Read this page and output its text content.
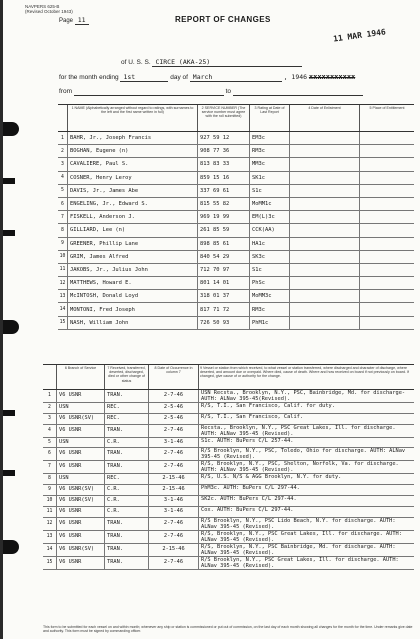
NAVPERS 625-B
(Revised October 1943)
Page 11	REPORT OF CHANGES
11 MAR 1946
of U. S. S. CIRCE (AKA-25)
for the month ending 1st	day of March	, 1946 xxxxxxxxxxx
from	to
1 NAME (Alphabetically arranged without regard to ratings, with surnames to the left and the first name written in full)
2 SERVICE NUMBER (The service number must agree with the roll submitted)
3 Rating at Date of Last Report
4 Date of Enlistment	5 Place of Entitlement
1	BAHR, Jr., Joseph Francis	927 59 12	EM3c
2	BOGHAN, Eugene (n)	908 77 36	RM3c
3	CAVALIERE, Paul S.	813 83 33	MM3c
4	COSNER, Henry Leroy	859 15 16	SK1c
5	DAVIS, Jr., James Abe	337 69 61	S1c
6	ENGELING, Jr., Edward S.	815 55 82	MoMM1c
7	FISKELL, Anderson J.	969 19 99	EM(L)3c
8	GILLIARD, Lee (n)	261 85 59	CCK(AA)
9	GREENER, Phillip Lane	898 85 61	HA1c
10 GRIM, James Alfred	840 54 29	SK3c
11 JAKOBS, Jr., Julius John	712 70 97	S1c
12 MATTHEWS, Howard E.	801 14 01	PhSc
13 McINTOSH, Donald Loyd	318 01 37	MoMM3c
14 MONTONI, Fred Joseph	817 71 72	RM3c
15 NASH, William John	726 50 93	PhM1c
6 Branch of Service	7 Received, transferred, deserted, discharged, died or other change of status
8 Date of Occurrence in column 7
9 Vessel or station from which received, to what vessel or station transferred, where discharged and character of discharge, where deserted, and amount due or overpaid. Where died, cause of death. Where and how received on board if not previously on board. If changed, give cause of or authority for the change.
1	V6 USNR	TRAN.	2-7-46	USN Recsta., Brooklyn, N.Y., PSC, Bainbridge, Md. for discharge-AUTH: ALNav 395-45(Revised).
2	USN	REC.	2-5-46	R/S, T.I., San Francisco, Calif. for duty.
3	V6 USNR(SV)	REC.	2-5-46	R/S, T.I., San Francisco, Calif.
4	V6 USNR	TRAN.	2-7-46	Recsta., Brooklyn, N.Y., PSC Great Lakes, Ill. for discharge. AUTH: ALNav 395-45 (Revised).
5	USN	C.R.	3-1-46	S1c. AUTH: BuPers C/L 257-44.
6	V6 USNR	TRAN.	2-7-46	R/S Brooklyn, N.Y., PSC, Toledo, Ohio for discharge. AUTH: ALNav 395-45 (Revised).
7	V6 USNR	TRAN.	2-7-46	R/S, Brooklyn, N.Y., PSC, Shelton, Norfolk, Va. for discharge. AUTH: ALNav 395-45 (Revised).
8	USN	REC.	2-15-46	R/S, U.S. N/S & AGG Brooklyn, N.Y. for duty.
9	V6 USNR(SV)	C.R.	2-15-46	PhM3c. AUTH: BuPers C/L 297-44.
10	V6 USNR(SV)	C.R.	3-1-46	SK2c. AUTH: BuPers C/L 297-44.
11	V6 USNR	C.R.	3-1-46	Cox. AUTH: BuPers C/L 297-44.
12	V6 USNR	TRAN.	2-7-46	R/S Brooklyn, N.Y., PSC Lido Beach, N.Y. for discharge. AUTH: ALNav 395-45 (Revised).
13	V6 USNR	TRAN.	2-7-46	R/S, Brooklyn, N.Y., PSC Great Lakes, Ill. for discharge. AUTH: ALNav 395-45 (Revised).
14	V6 USNR(SV)	TRAN.	2-15-46	R/S, Brooklyn, N.Y., PSC Bainbridge, Md. for discharge. AUTH: ALNav 395-45 (Revised).
15	V6 USNR	TRAN.	2-7-46	R/S Brooklyn, N.Y., PSC Great Lakes, Ill. for discharge. AUTH: ALNav 395-45 (Revised).
This form to be submitted for each vessel on and within month; whenever any ship or station is commissioned or put out of commission, on the last day of each month showing all changes for the month for the time. Under remarks give date and authority. This form must be signed by commanding officer.
